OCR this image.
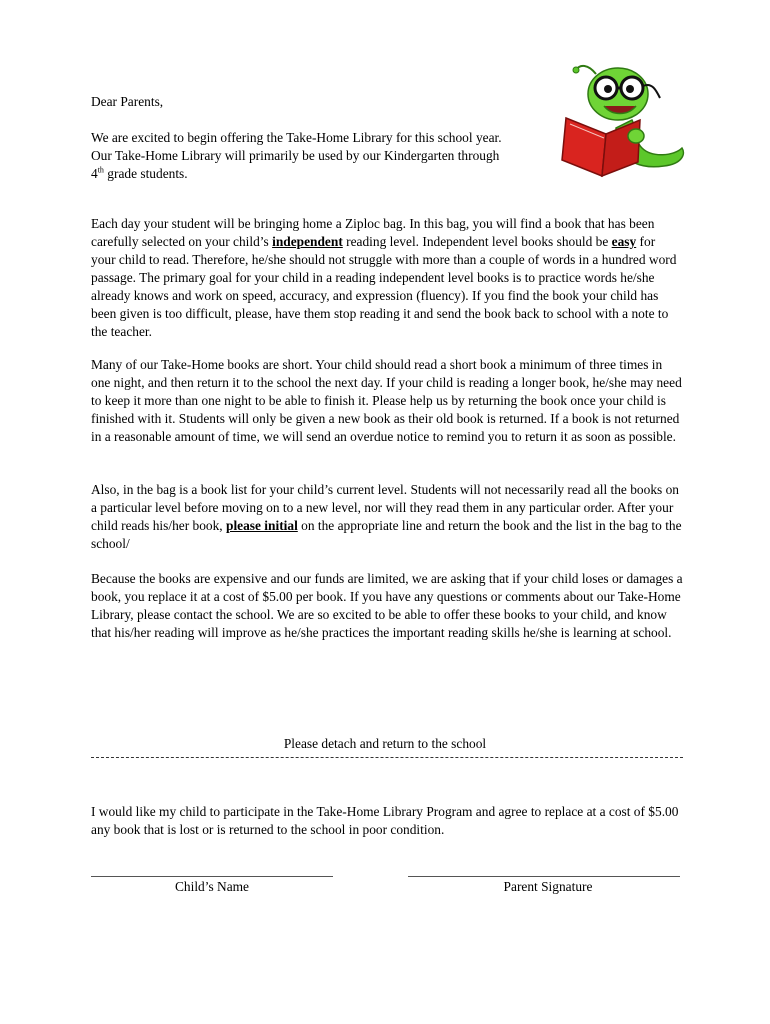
Dear Parents,

We are excited to begin offering the Take-Home Library for this school year.

Our Take-Home Library will primarily be used by our Kindergarten through

4th grade students.

Each day your student will be bringing home a Ziploc bag. In this bag, you will find a book that has been carefully selected on your child’s independent reading level. Independent level books should be easy for your child to read. Therefore, he/she should not struggle with more than a couple of words in a hundred word passage. The primary goal for your child in a reading independent level books is to practice words he/she already knows and work on speed, accuracy, and expression (fluency). If you find the book your child has been given is too difficult, please, have them stop reading it and send the book back to school with a note to the teacher.

Many of our Take-Home books are short. Your child should read a short book a minimum of three times in one night, and then return it to the school the next day. If your child is reading a longer book, he/she may need to keep it more than one night to be able to finish it. Please help us by returning the book once your child is finished with it. Students will only be given a new book as their old book is returned. If a book is not returned in a reasonable amount of time, we will send an overdue notice to remind you to return it as soon as possible.

Also, in the bag is a book list for your child’s current level. Students will not necessarily read all the books on a particular level before moving on to a new level, nor will they read them in any particular order. After your child reads his/her book, please initial on the appropriate line and return the book and the list in the bag to the school/

Because the books are expensive and our funds are limited, we are asking that if your child loses or damages a book, you replace it at a cost of $5.00 per book. If you have any questions or comments about our Take-Home Library, please contact the school. We are so excited to be able to offer these books to your child, and know that his/her reading will improve as he/she practices the important reading skills he/she is learning at school.

Please detach and return to the school

I would like my child to participate in the Take-Home Library Program and agree to replace at a cost of $5.00 any book that is lost or is returned to the school in poor condition.

Child’s Name	Parent Signature
